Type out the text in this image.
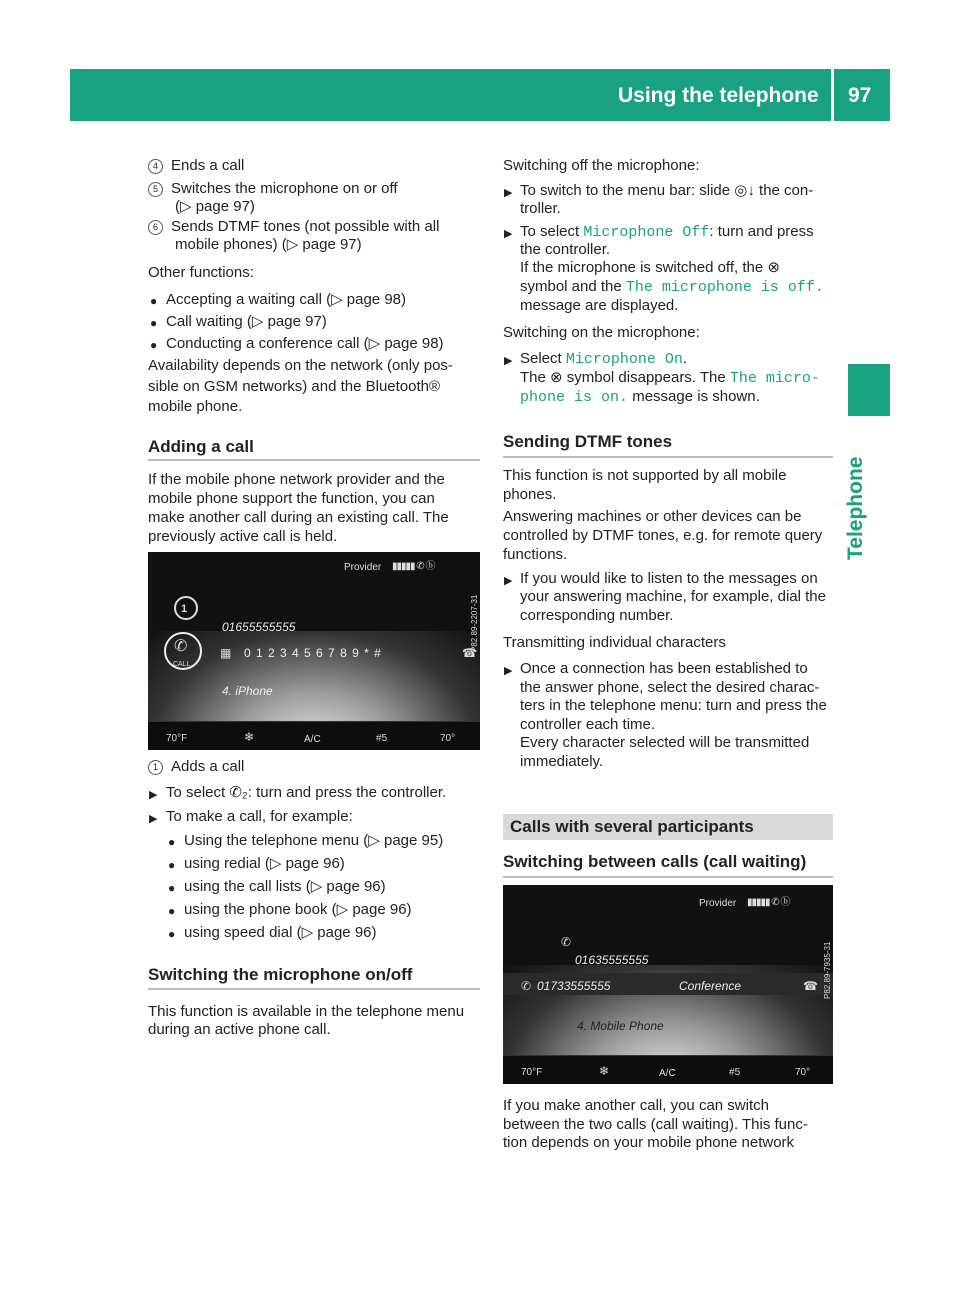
Using the telephone 97
Telephone
4 Ends a call
5 Switches the microphone on or off
(▷ page 97)
6 Sends DTMF tones (not possible with all
mobile phones) (▷ page 97)
Other functions:
● Accepting a waiting call (▷ page 98)
● Call waiting (▷ page 97)
● Conducting a conference call (▷ page 98)
Availability depends on the network (only pos-
sible on GSM networks) and the Bluetooth®
mobile phone.
Adding a call
If the mobile phone network provider and the
mobile phone support the function, you can
make another call during an existing call. The
previously active call is held.
Provider ▮▮▮▮▮ ✆ ⓑ
1
01655555555
✆
CALL
▦ 0 1 2 3 4 5 6 7 8 9 * #	☎
4. iPhone
P82.89-2207-31
70°F	❄	A/C	#5	70°
1 Adds a call
▶ To select ✆₂: turn and press the controller.
▶ To make a call, for example:
● Using the telephone menu (▷ page 95)
● using redial (▷ page 96)
● using the call lists (▷ page 96)
● using the phone book (▷ page 96)
● using speed dial (▷ page 96)
Switching the microphone on/off
This function is available in the telephone menu
during an active phone call.
Switching off the microphone:
▶ To switch to the menu bar: slide ◎↓ the con-
troller.
▶ To select Microphone Off: turn and press
the controller.
If the microphone is switched off, the ⊗
symbol and the The microphone is off.
message are displayed.
Switching on the microphone:
▶ Select Microphone On.
The ⊗ symbol disappears. The The micro‐
phone is on. message is shown.
Sending DTMF tones
This function is not supported by all mobile
phones.
Answering machines or other devices can be
controlled by DTMF tones, e.g. for remote query
functions.
▶ If you would like to listen to the messages on
your answering machine, for example, dial the
corresponding number.
Transmitting individual characters
▶ Once a connection has been established to
the answer phone, select the desired charac-
ters in the telephone menu: turn and press the
controller each time.
Every character selected will be transmitted
immediately.
Calls with several participants
Switching between calls (call waiting)
Provider ▮▮▮▮▮ ✆ ⓑ
✆
01635555555
✆ 01733555555	Conference	☎
4. Mobile Phone
P82.89-7935-31
70°F	❄	A/C	#5	70°
If you make another call, you can switch
between the two calls (call waiting). This func-
tion depends on your mobile phone network
